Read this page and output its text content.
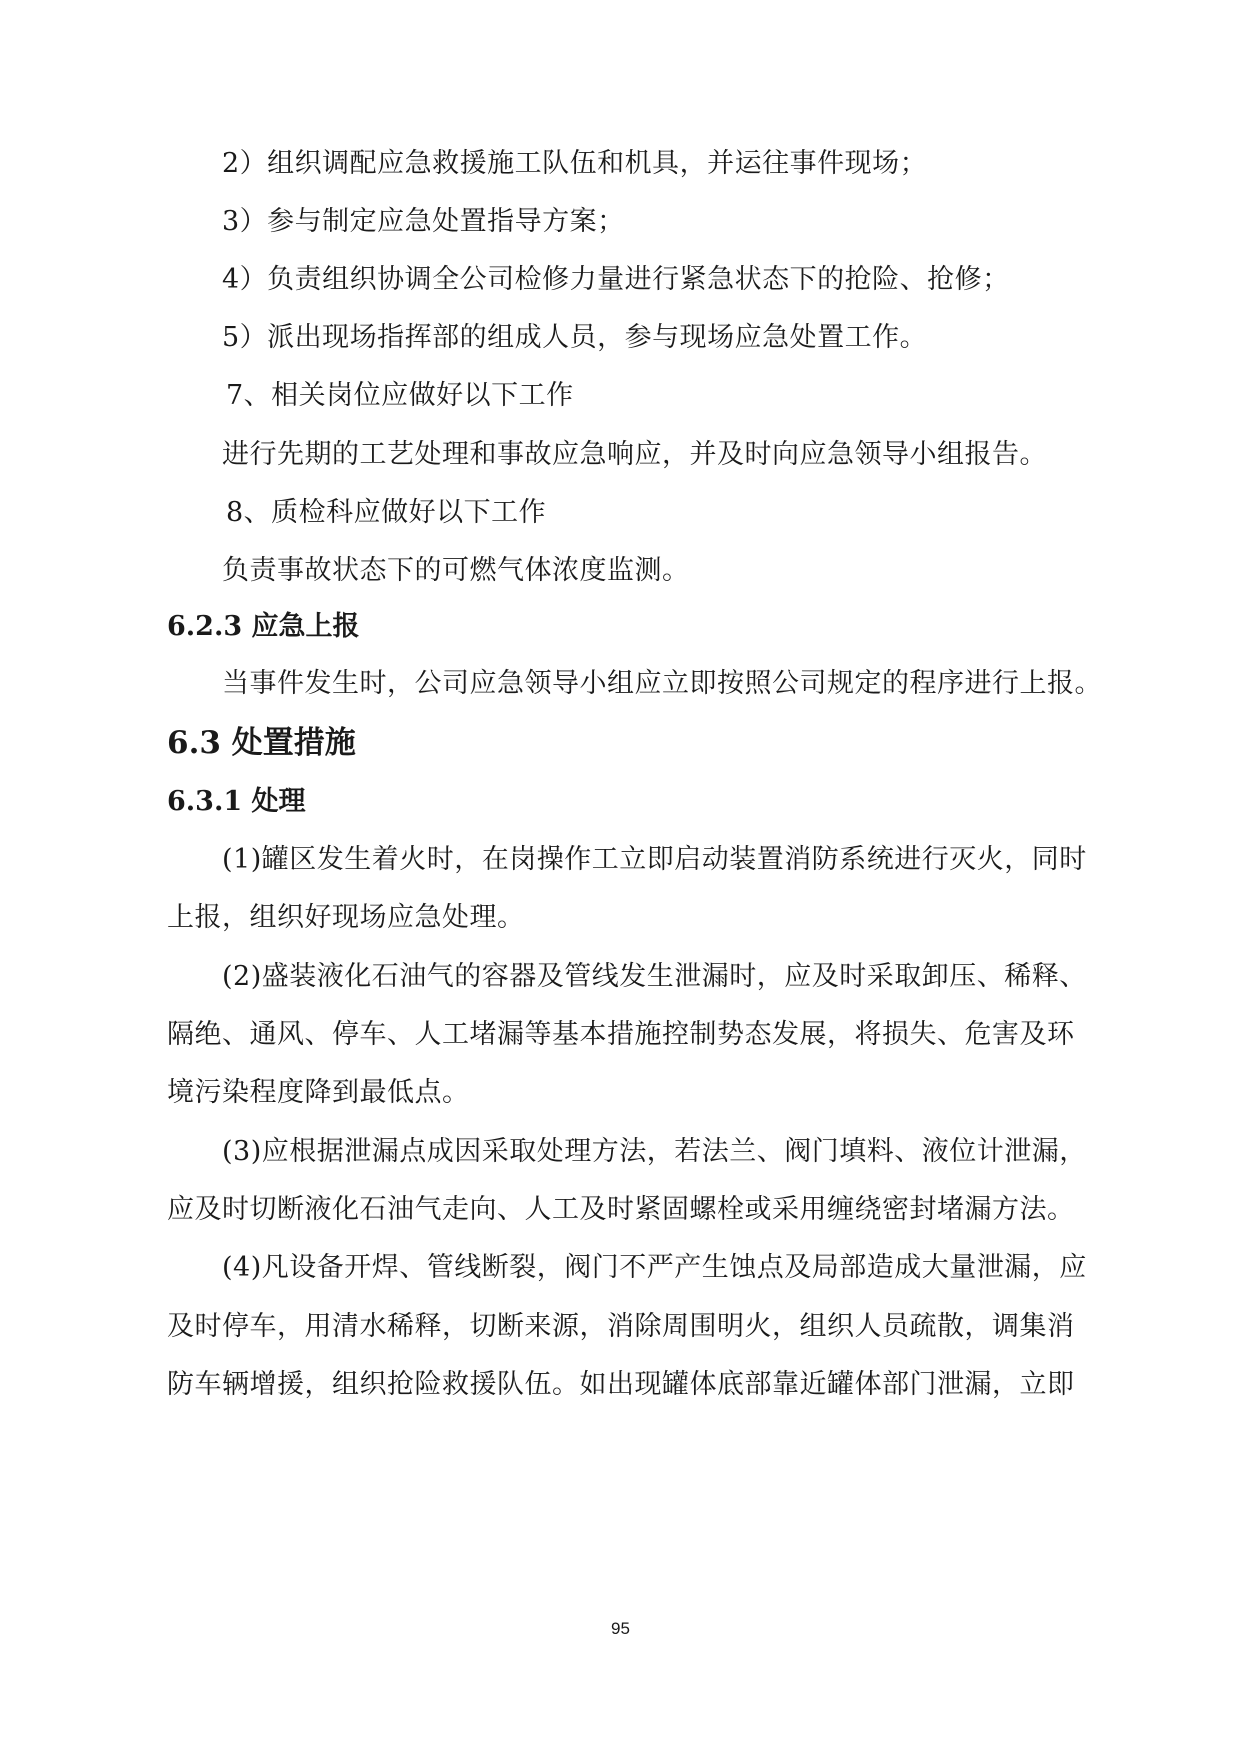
2）组织调配应急救援施工队伍和机具，并运往事件现场；
3）参与制定应急处置指导方案；
4）负责组织协调全公司检修力量进行紧急状态下的抢险、抢修；
5）派出现场指挥部的组成人员，参与现场应急处置工作。
7、相关岗位应做好以下工作
进行先期的工艺处理和事故应急响应，并及时向应急领导小组报告。
8、质检科应做好以下工作
负责事故状态下的可燃气体浓度监测。
6.2.3 应急上报
当事件发生时，公司应急领导小组应立即按照公司规定的程序进行上报。
6.3 处置措施
6.3.1 处理
(1)罐区发生着火时，在岗操作工立即启动装置消防系统进行灭火，同时
上报，组织好现场应急处理。
(2)盛装液化石油气的容器及管线发生泄漏时，应及时采取卸压、稀释、
隔绝、通风、停车、人工堵漏等基本措施控制势态发展，将损失、危害及环
境污染程度降到最低点。
(3)应根据泄漏点成因采取处理方法，若法兰、阀门填料、液位计泄漏，
应及时切断液化石油气走向、人工及时紧固螺栓或采用缠绕密封堵漏方法。
(4)凡设备开焊、管线断裂，阀门不严产生蚀点及局部造成大量泄漏，应
及时停车，用清水稀释，切断来源，消除周围明火，组织人员疏散，调集消
防车辆增援，组织抢险救援队伍。如出现罐体底部靠近罐体部门泄漏，立即
95
